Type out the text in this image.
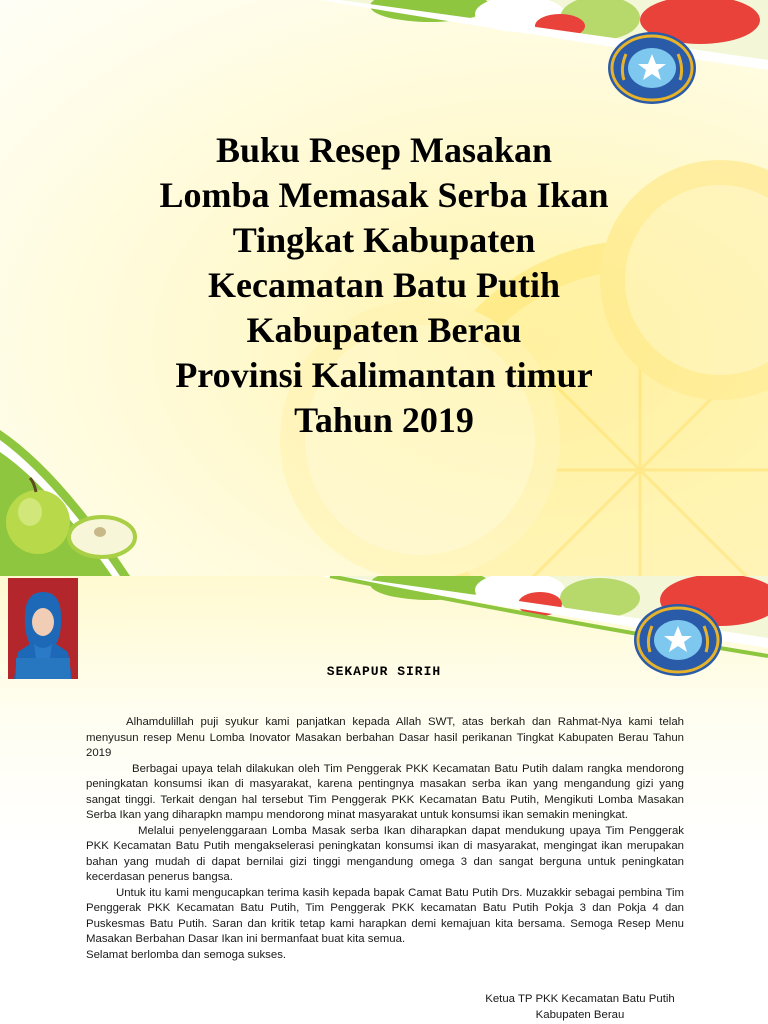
Buku Resep Masakan
Lomba Memasak Serba Ikan
Tingkat Kabupaten
Kecamatan Batu Putih
Kabupaten Berau
Provinsi Kalimantan timur
Tahun 2019
SEKAPUR SIRIH

Alhamdulillah puji syukur kami panjatkan kepada Allah SWT, atas berkah dan Rahmat-Nya kami telah menyusun resep Menu Lomba Inovator Masakan berbahan Dasar hasil perikanan Tingkat Kabupaten Berau Tahun 2019

Berbagai upaya telah dilakukan oleh Tim Penggerak PKK Kecamatan Batu Putih dalam rangka mendorong peningkatan konsumsi ikan di masyarakat, karena pentingnya masakan serba ikan yang mengandung gizi yang sangat tinggi. Terkait dengan hal tersebut Tim Penggerak PKK Kecamatan Batu Putih, Mengikuti Lomba Masakan Serba Ikan yang diharapkn mampu mendorong minat masyarakat untuk konsumsi ikan semakin meningkat.

Melalui penyelenggaraan Lomba Masak serba Ikan diharapkan dapat mendukung upaya Tim Penggerak PKK Kecamatan Batu Putih mengakselerasi peningkatan konsumsi ikan di masyarakat, mengingat ikan merupakan bahan yang mudah di dapat bernilai gizi tinggi mengandung omega 3 dan sangat berguna untuk peningkatan kecerdasan penerus bangsa.

Untuk itu kami mengucapkan terima kasih kepada bapak Camat Batu Putih Drs. Muzakkir sebagai pembina Tim Penggerak PKK Kecamatan Batu Putih, Tim Penggerak PKK kecamatan Batu Putih Pokja 3 dan Pokja 4 dan Puskesmas Batu Putih. Saran dan kritik tetap kami harapkan demi kemajuan kita bersama. Semoga Resep Menu Masakan Berbahan Dasar Ikan ini bermanfaat buat kita semua.

Selamat berlomba dan semoga sukses.

Ketua TP PKK Kecamatan Batu Putih
Kabupaten Berau
